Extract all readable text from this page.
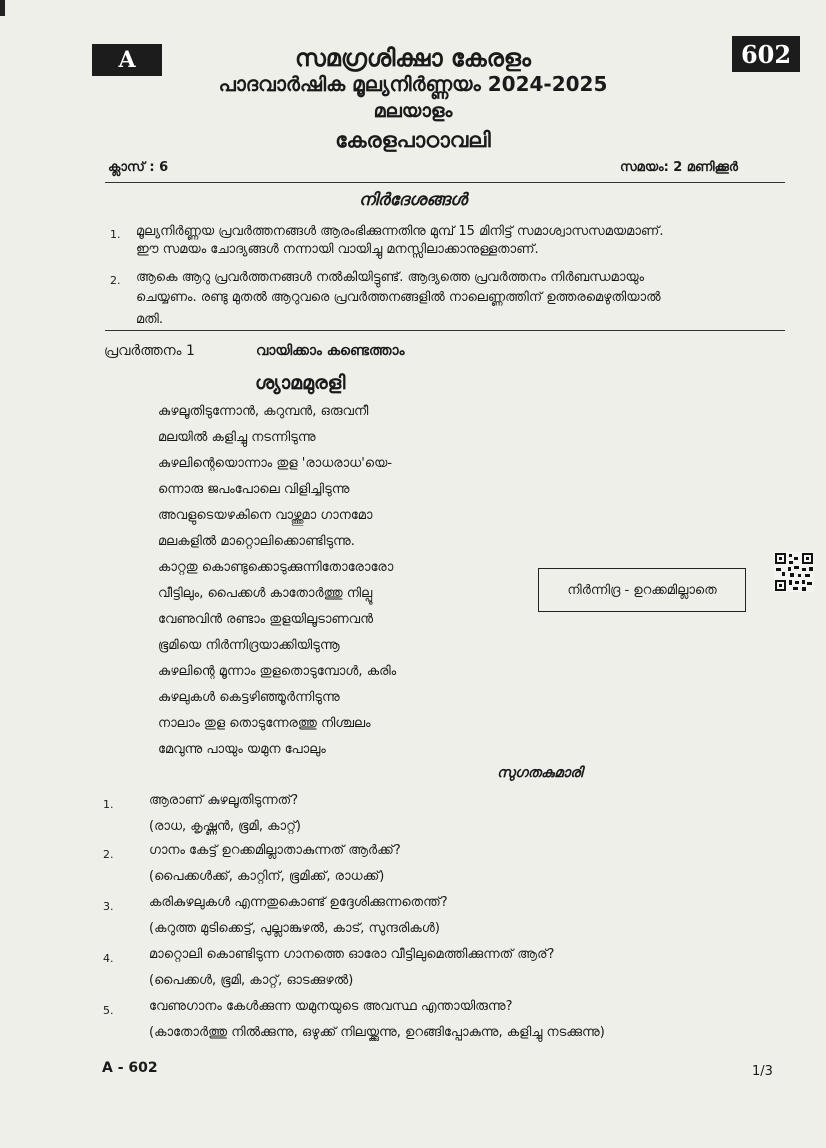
A	602
സമഗ്രശിക്ഷാ കേരളം
പാദവാർഷിക മൂല്യനിർണ്ണയം 2024-2025
മലയാളം
കേരളപാഠാവലി
ക്ലാസ് : 6	സമയം: 2 മണിക്കൂർ
നിർദേശങ്ങൾ
1. മൂല്യനിർണ്ണയ പ്രവർത്തനങ്ങൾ ആരംഭിക്കുന്നതിനു മുമ്പ് 15 മിനിട്ട് സമാശ്വാസസമയമാണ്.
ഈ സമയം ചോദ്യങ്ങൾ നന്നായി വായിച്ചു മനസ്സിലാക്കാനുള്ളതാണ്.
2. ആകെ ആറു പ്രവർത്തനങ്ങൾ നൽകിയിട്ടുണ്ട്. ആദ്യത്തെ പ്രവർത്തനം നിർബന്ധമായും
ചെയ്യണം. രണ്ടു മുതൽ ആറുവരെ പ്രവർത്തനങ്ങളിൽ നാലെണ്ണത്തിന് ഉത്തരമെഴുതിയാൽ
മതി.
പ്രവർത്തനം 1	വായിക്കാം കണ്ടെത്താം
ശ്യാമമുരളി
കുഴലൂതിടുന്നോൻ, കറുമ്പൻ, ഒരുവനീ
മലയിൽ കളിച്ചു നടന്നിടുന്നു
കുഴലിന്റെയൊന്നാം തുള 'രാധരാധ'യെ-
ന്നൊരു ജപംപോലെ വിളിച്ചിടുന്നു
അവളുടെയഴകിനെ വാഴ്ത്തുമാ ഗാനമോ
മലകളിൽ മാറ്റൊലിക്കൊണ്ടിടുന്നു.
കാറ്റതു കൊണ്ടുക്കൊടുക്കുന്നിതോരോരോ
വീട്ടിലും, പൈക്കൾ കാതോർത്തു നില്പൂ
വേണുവിൻ രണ്ടാം തുളയിലൂടാണവൻ
ഭൂമിയെ നിർന്നിദ്രയാക്കിയിടുന്നൂ
കുഴലിന്റെ മൂന്നാം തുളതൊടുമ്പോൾ, കരിം
കുഴലുകൾ കെട്ടഴിഞ്ഞൂർന്നിടുന്നു
നാലാം തുള തൊടുന്നേരത്തു നിശ്ചലം
മേവുന്നു പായും യമുന പോലും
സുഗതകുമാരി
നിർന്നിദ്ര - ഉറക്കമില്ലാതെ
1.	ആരാണ് കുഴലൂതിടുന്നത്?
(രാധ, കൃഷ്ണൻ, ഭൂമി, കാറ്റ്)
2.	ഗാനം കേട്ട് ഉറക്കമില്ലാതാകുന്നത് ആർക്ക്?
(പൈക്കൾക്ക്, കാറ്റിന്, ഭൂമിക്ക്, രാധക്ക്)
3.	കരികുഴലുകൾ എന്നതുകൊണ്ട് ഉദ്ദേശിക്കുന്നതെന്ത്?
(കറുത്ത മുടിക്കെട്ട്, പുല്ലാങ്കുഴൽ, കാട്, സുന്ദരികൾ)
4.	മാറ്റൊലി കൊണ്ടിടുന്ന ഗാനത്തെ ഓരോ വീട്ടിലുമെത്തിക്കുന്നത് ആര്?
(പൈക്കൾ, ഭൂമി, കാറ്റ്, ഓടക്കുഴൽ)
5.	വേണുഗാനം കേൾക്കുന്ന യമുനയുടെ അവസ്ഥ എന്തായിരുന്നു?
(കാതോർത്തു നിൽക്കുന്നു, ഒഴുക്ക് നിലയ്ക്കുന്നു, ഉറങ്ങിപ്പോകുന്നു, കളിച്ചു നടക്കുന്നു)
A - 602	1/3
